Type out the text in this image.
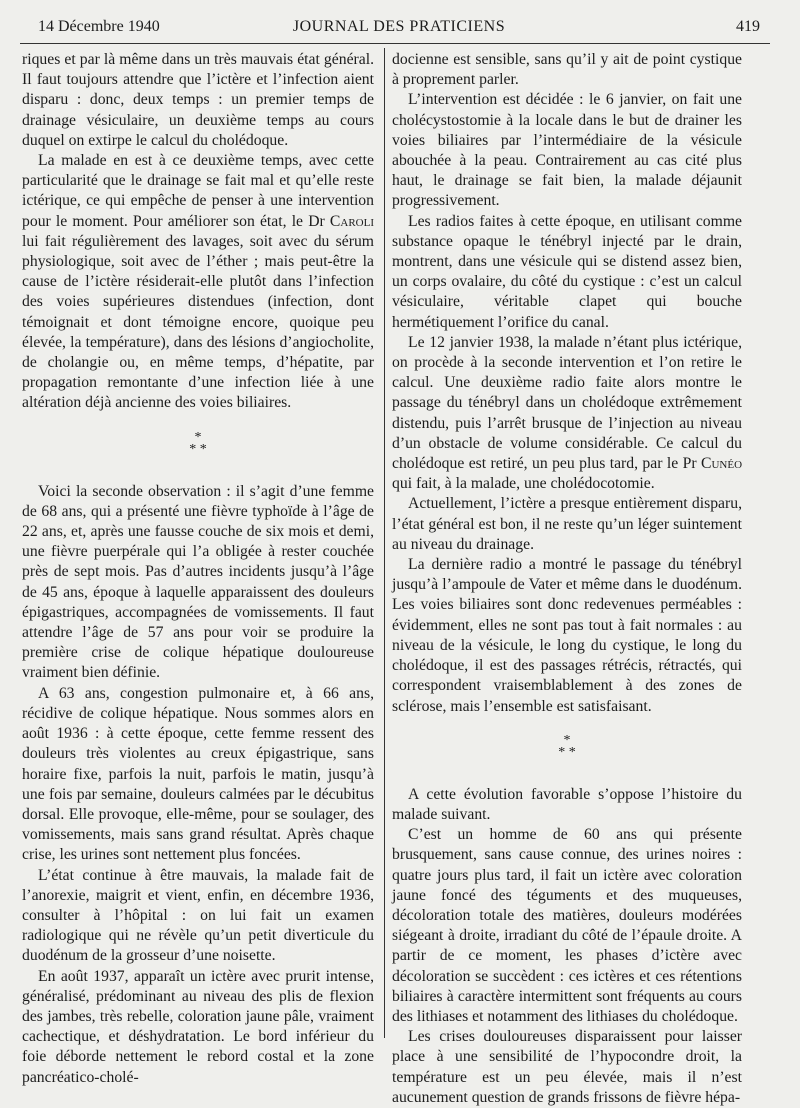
14 Décembre 1940	JOURNAL DES PRATICIENS	419

riques et par là même dans un très mauvais état général. Il faut toujours attendre que l’ictère et l’infection aient disparu : donc, deux temps : un premier temps de drainage vésiculaire, un deuxième temps au cours duquel on extirpe le calcul du cholédoque.

La malade en est à ce deuxième temps, avec cette particularité que le drainage se fait mal et qu’elle reste ictérique, ce qui empêche de penser à une intervention pour le moment. Pour améliorer son état, le Dr Caroli lui fait régulièrement des lavages, soit avec du sérum physiologique, soit avec de l’éther ; mais peut-être la cause de l’ictère résiderait-elle plutôt dans l’infection des voies supérieures distendues (infection, dont témoignait et dont témoigne encore, quoique peu élevée, la température), dans des lésions d’angiocholite, de cholangie ou, en même temps, d’hépatite, par propagation remontante d’une infection liée à une altération déjà ancienne des voies biliaires.

*
* *

Voici la seconde observation : il s’agit d’une femme de 68 ans, qui a présenté une fièvre typhoïde à l’âge de 22 ans, et, après une fausse couche de six mois et demi, une fièvre puerpérale qui l’a obligée à rester couchée près de sept mois. Pas d’autres incidents jusqu’à l’âge de 45 ans, époque à laquelle apparaissent des douleurs épigastriques, accompagnées de vomissements. Il faut attendre l’âge de 57 ans pour voir se produire la première crise de colique hépatique douloureuse vraiment bien définie.

A 63 ans, congestion pulmonaire et, à 66 ans, récidive de colique hépatique. Nous sommes alors en août 1936 : à cette époque, cette femme ressent des douleurs très violentes au creux épigastrique, sans horaire fixe, parfois la nuit, parfois le matin, jusqu’à une fois par semaine, douleurs calmées par le décubitus dorsal. Elle provoque, elle-même, pour se soulager, des vomissements, mais sans grand résultat. Après chaque crise, les urines sont nettement plus foncées.

L’état continue à être mauvais, la malade fait de l’anorexie, maigrit et vient, enfin, en décembre 1936, consulter à l’hôpital : on lui fait un examen radiologique qui ne révèle qu’un petit diverticule du duodénum de la grosseur d’une noisette.

En août 1937, apparaît un ictère avec prurit intense, généralisé, prédominant au niveau des plis de flexion des jambes, très rebelle, coloration jaune pâle, vraiment cachectique, et déshydratation. Le bord inférieur du foie déborde nettement le rebord costal et la zone pancréatico-cholé-

docienne est sensible, sans qu’il y ait de point cystique à proprement parler.

L’intervention est décidée : le 6 janvier, on fait une cholécystostomie à la locale dans le but de drainer les voies biliaires par l’intermédiaire de la vésicule abouchée à la peau. Contrairement au cas cité plus haut, le drainage se fait bien, la malade déjaunit progressivement.

Les radios faites à cette époque, en utilisant comme substance opaque le ténébryl injecté par le drain, montrent, dans une vésicule qui se distend assez bien, un corps ovalaire, du côté du cystique : c’est un calcul vésiculaire, véritable clapet qui bouche hermétiquement l’orifice du canal.

Le 12 janvier 1938, la malade n’étant plus ictérique, on procède à la seconde intervention et l’on retire le calcul. Une deuxième radio faite alors montre le passage du ténébryl dans un cholédoque extrêmement distendu, puis l’arrêt brusque de l’injection au niveau d’un obstacle de volume considérable. Ce calcul du cholédoque est retiré, un peu plus tard, par le Pr Cunéo qui fait, à la malade, une cholédocotomie.

Actuellement, l’ictère a presque entièrement disparu, l’état général est bon, il ne reste qu’un léger suintement au niveau du drainage.

La dernière radio a montré le passage du ténébryl jusqu’à l’ampoule de Vater et même dans le duodénum. Les voies biliaires sont donc redevenues perméables : évidemment, elles ne sont pas tout à fait normales : au niveau de la vésicule, le long du cystique, le long du cholédoque, il est des passages rétrécis, rétractés, qui correspondent vraisemblablement à des zones de sclérose, mais l’ensemble est satisfaisant.

*
* *

A cette évolution favorable s’oppose l’histoire du malade suivant.

C’est un homme de 60 ans qui présente brusquement, sans cause connue, des urines noires : quatre jours plus tard, il fait un ictère avec coloration jaune foncé des téguments et des muqueuses, décoloration totale des matières, douleurs modérées siégeant à droite, irradiant du côté de l’épaule droite. A partir de ce moment, les phases d’ictère avec décoloration se succèdent : ces ictères et ces rétentions biliaires à caractère intermittent sont fréquents au cours des lithiases et notamment des lithiases du cholédoque.

Les crises douloureuses disparaissent pour laisser place à une sensibilité de l’hypocondre droit, la température est un peu élevée, mais il n’est aucunement question de grands frissons de fièvre hépa-
